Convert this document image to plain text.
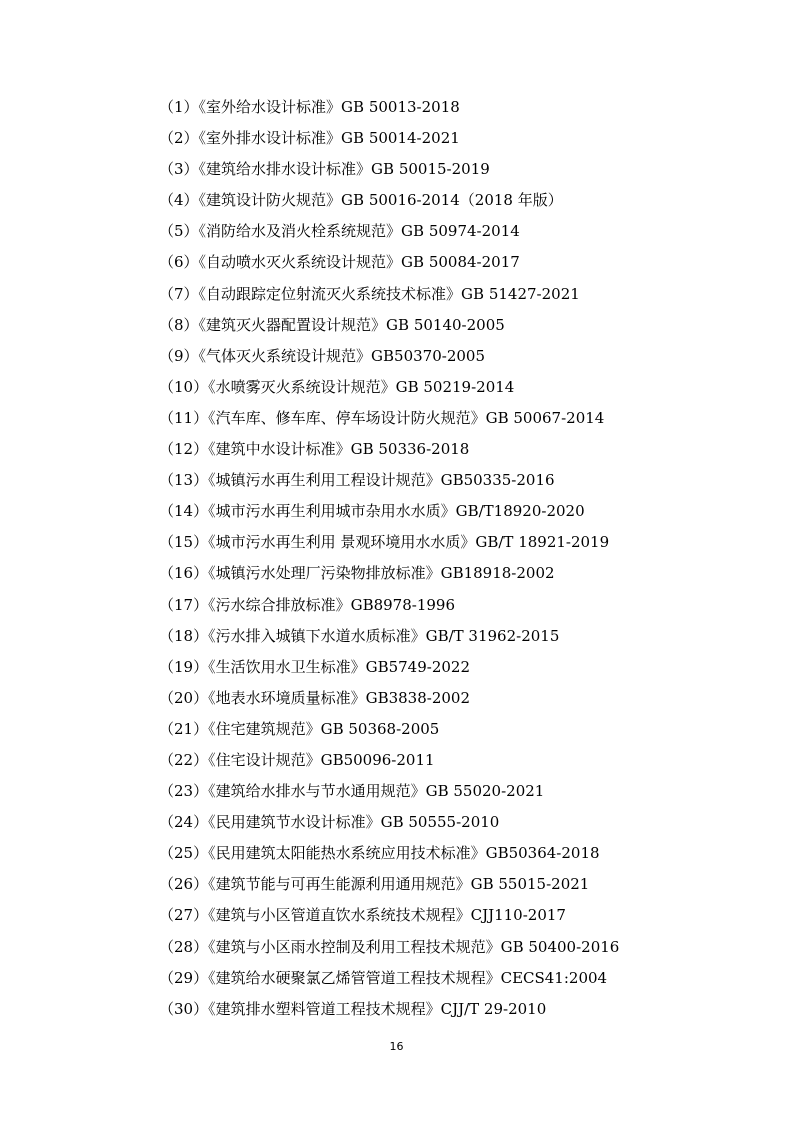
（1）《室外给水设计标准》GB 50013-2018
（2）《室外排水设计标准》GB 50014-2021
（3）《建筑给水排水设计标准》GB 50015-2019
（4）《建筑设计防火规范》GB 50016-2014（2018 年版）
（5）《消防给水及消火栓系统规范》GB 50974-2014
（6）《自动喷水灭火系统设计规范》GB 50084-2017
（7）《自动跟踪定位射流灭火系统技术标准》GB 51427-2021
（8）《建筑灭火器配置设计规范》GB 50140-2005
（9）《气体灭火系统设计规范》GB50370-2005
（10）《水喷雾灭火系统设计规范》GB 50219-2014
（11）《汽车库、修车库、停车场设计防火规范》GB 50067-2014
（12）《建筑中水设计标准》GB 50336-2018
（13）《城镇污水再生利用工程设计规范》GB50335-2016
（14）《城市污水再生利用城市杂用水水质》GB/T18920-2020
（15）《城市污水再生利用 景观环境用水水质》GB/T 18921-2019
（16）《城镇污水处理厂污染物排放标准》GB18918-2002
（17）《污水综合排放标准》GB8978-1996
（18）《污水排入城镇下水道水质标准》GB/T 31962-2015
（19）《生活饮用水卫生标准》GB5749-2022
（20）《地表水环境质量标准》GB3838-2002
（21）《住宅建筑规范》GB 50368-2005
（22）《住宅设计规范》GB50096-2011
（23）《建筑给水排水与节水通用规范》GB 55020-2021
（24）《民用建筑节水设计标准》GB 50555-2010
（25）《民用建筑太阳能热水系统应用技术标准》GB50364-2018
（26）《建筑节能与可再生能源利用通用规范》GB 55015-2021
（27）《建筑与小区管道直饮水系统技术规程》CJJ110-2017
（28）《建筑与小区雨水控制及利用工程技术规范》GB 50400-2016
（29）《建筑给水硬聚氯乙烯管管道工程技术规程》CECS41:2004
（30）《建筑排水塑料管道工程技术规程》CJJ/T 29-2010
16
